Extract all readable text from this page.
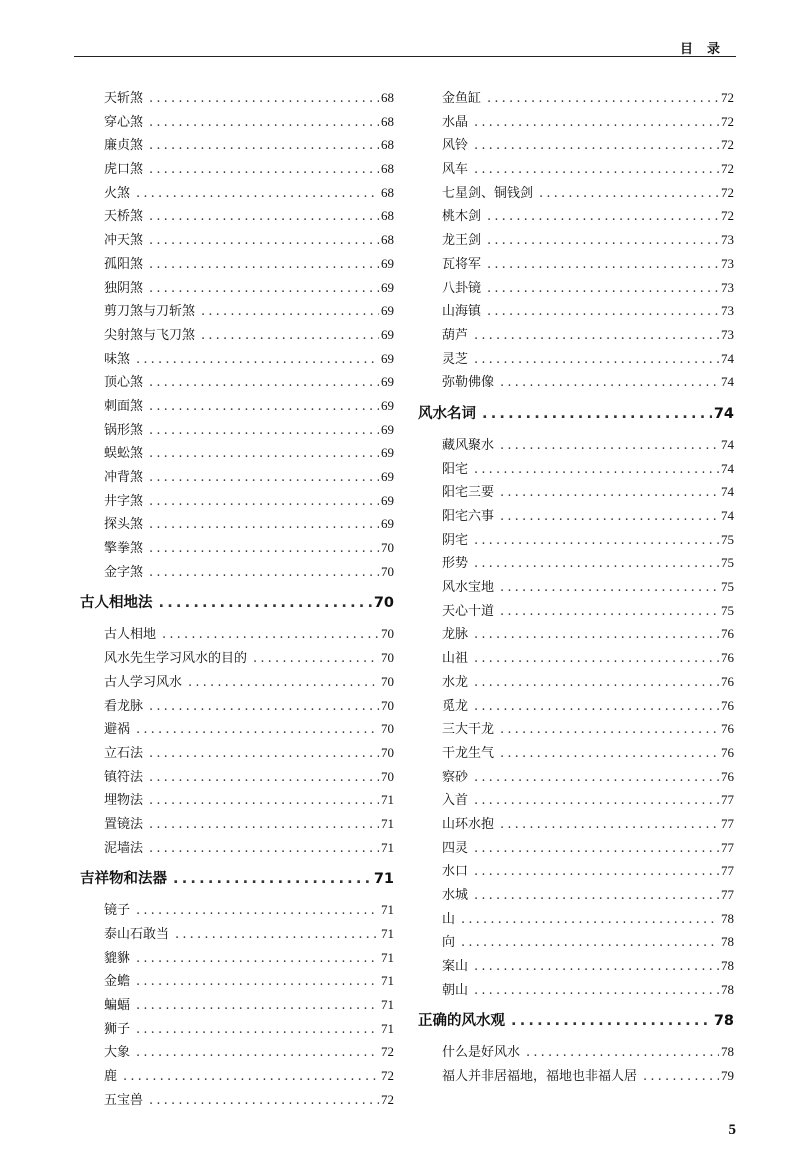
目录
天斩煞 .....	68
穿心煞 .....	68
廉贞煞 .....	68
虎口煞 .....	68
火煞 .....	68
天桥煞 .....	68
冲天煞 .....	68
孤阳煞 .....	69
独阴煞 .....	69
剪刀煞与刀斩煞 .....	69
尖射煞与飞刀煞 .....	69
味煞 .....	69
顶心煞 .....	69
刺面煞 .....	69
锅形煞 .....	69
蜈蚣煞 .....	69
冲背煞 .....	69
井字煞 .....	69
探头煞 .....	69
擎拳煞 .....	70
金字煞 .....	70
古人相地法 .....	70
古人相地 .....	70
风水先生学习风水的目的 .....	70
古人学习风水 .....	70
看龙脉 .....	70
避祸 .....	70
立石法 .....	70
镇符法 .....	70
埋物法 .....	71
置镜法 .....	71
泥墙法 .....	71
吉祥物和法器 .....	71
镜子 .....	71
泰山石敢当 .....	71
貔貅 .....	71
金蟾 .....	71
蝙蝠 .....	71
狮子 .....	71
大象 .....	72
鹿 .....	72
五宝兽 .....	72
金鱼缸 .....	72
水晶 .....	72
风铃 .....	72
风车 .....	72
七星剑、铜钱剑 .....	72
桃木剑 .....	72
龙王剑 .....	73
瓦将军 .....	73
八卦镜 .....	73
山海镇 .....	73
葫芦 .....	73
灵芝 .....	74
弥勒佛像 .....	74
风水名词 .....	74
藏风聚水 .....	74
阳宅 .....	74
阳宅三要 .....	74
阳宅六事 .....	74
阴宅 .....	75
形势 .....	75
风水宝地 .....	75
天心十道 .....	75
龙脉 .....	76
山祖 .....	76
水龙 .....	76
觅龙 .....	76
三大干龙 .....	76
干龙生气 .....	76
察砂 .....	76
入首 .....	77
山环水抱 .....	77
四灵 .....	77
水口 .....	77
水城 .....	77
山 .....	78
向 .....	78
案山 .....	78
朝山 .....	78
正确的风水观 .....	78
什么是好风水 .....	78
福人并非居福地，福地也非福人居 .....	79
5
